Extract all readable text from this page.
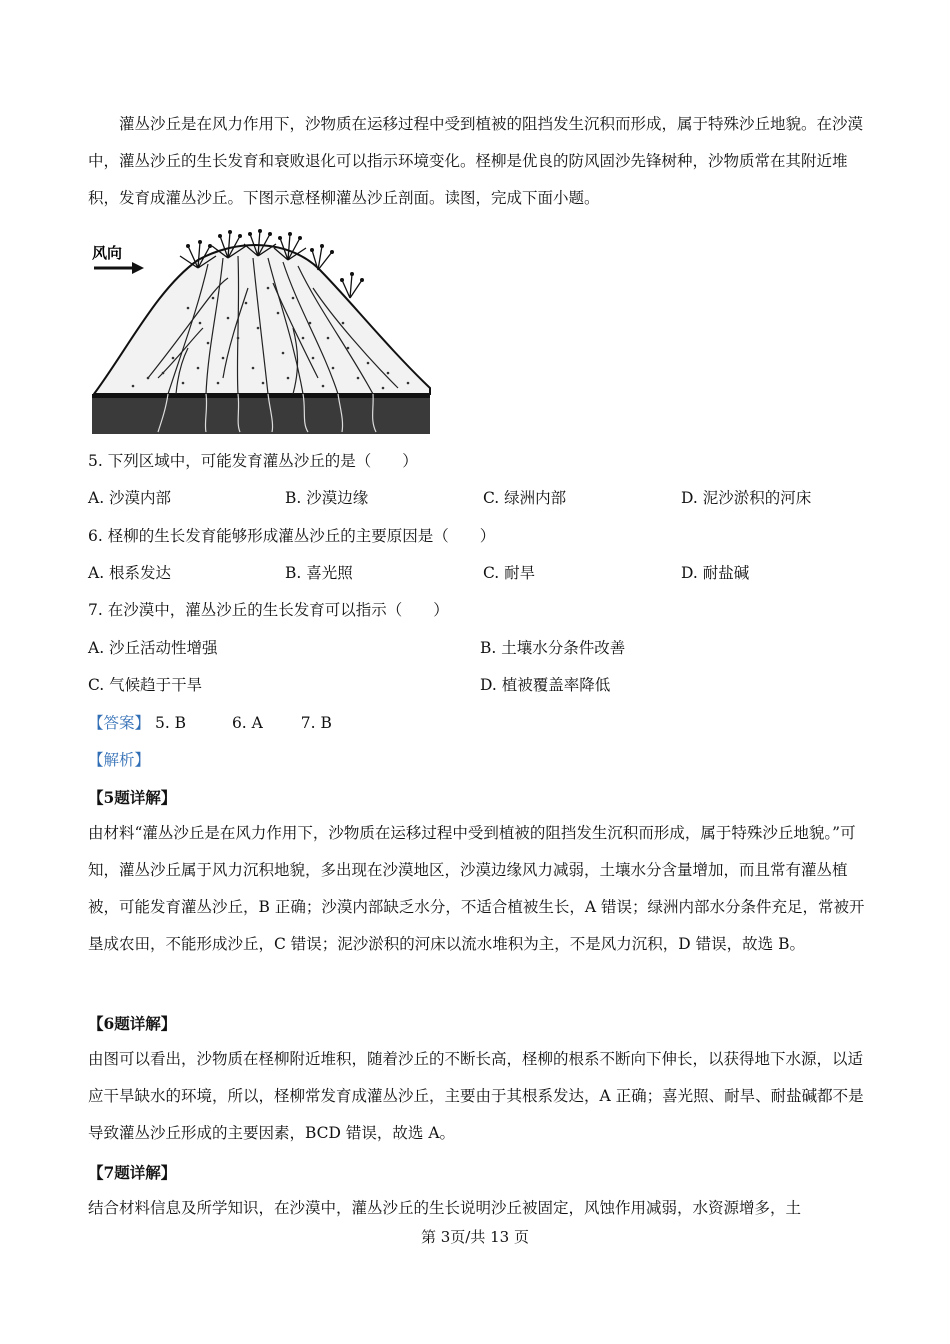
灌丛沙丘是在风力作用下，沙物质在运移过程中受到植被的阻挡发生沉积而形成，属于特殊沙丘地貌。在沙漠中，灌丛沙丘的生长发育和衰败退化可以指示环境变化。柽柳是优良的防风固沙先锋树种，沙物质常在其附近堆积，发育成灌丛沙丘。下图示意柽柳灌丛沙丘剖面。读图，完成下面小题。

风向
5. 下列区域中，可能发育灌丛沙丘的是（　　）
A. 沙漠内部	B. 沙漠边缘	C. 绿洲内部	D. 泥沙淤积的河床
6. 柽柳的生长发育能够形成灌丛沙丘的主要原因是（　　）
A. 根系发达	B. 喜光照	C. 耐旱	D. 耐盐碱
7. 在沙漠中，灌丛沙丘的生长发育可以指示（　　）
A. 沙丘活动性增强	B. 土壤水分条件改善
C. 气候趋于干旱	D. 植被覆盖率降低
【答案】 5. B	6. A 7. B
【解析】
【5题详解】

由材料“灌丛沙丘是在风力作用下，沙物质在运移过程中受到植被的阻挡发生沉积而形成，属于特殊沙丘地貌。”可知，灌丛沙丘属于风力沉积地貌，多出现在沙漠地区，沙漠边缘风力减弱，土壤水分含量增加，而且常有灌丛植被，可能发育灌丛沙丘，B 正确；沙漠内部缺乏水分，不适合植被生长，A 错误；绿洲内部水分条件充足，常被开垦成农田，不能形成沙丘，C 错误；泥沙淤积的河床以流水堆积为主，不是风力沉积，D 错误，故选 B。

【6题详解】

由图可以看出，沙物质在柽柳附近堆积，随着沙丘的不断长高，柽柳的根系不断向下伸长，以获得地下水源，以适应干旱缺水的环境，所以，柽柳常发育成灌丛沙丘，主要由于其根系发达，A 正确；喜光照、耐旱、耐盐碱都不是导致灌丛沙丘形成的主要因素，BCD 错误，故选 A。

【7题详解】

结合材料信息及所学知识，在沙漠中，灌丛沙丘的生长说明沙丘被固定，风蚀作用减弱，水资源增多，土

第 3页/共 13 页
